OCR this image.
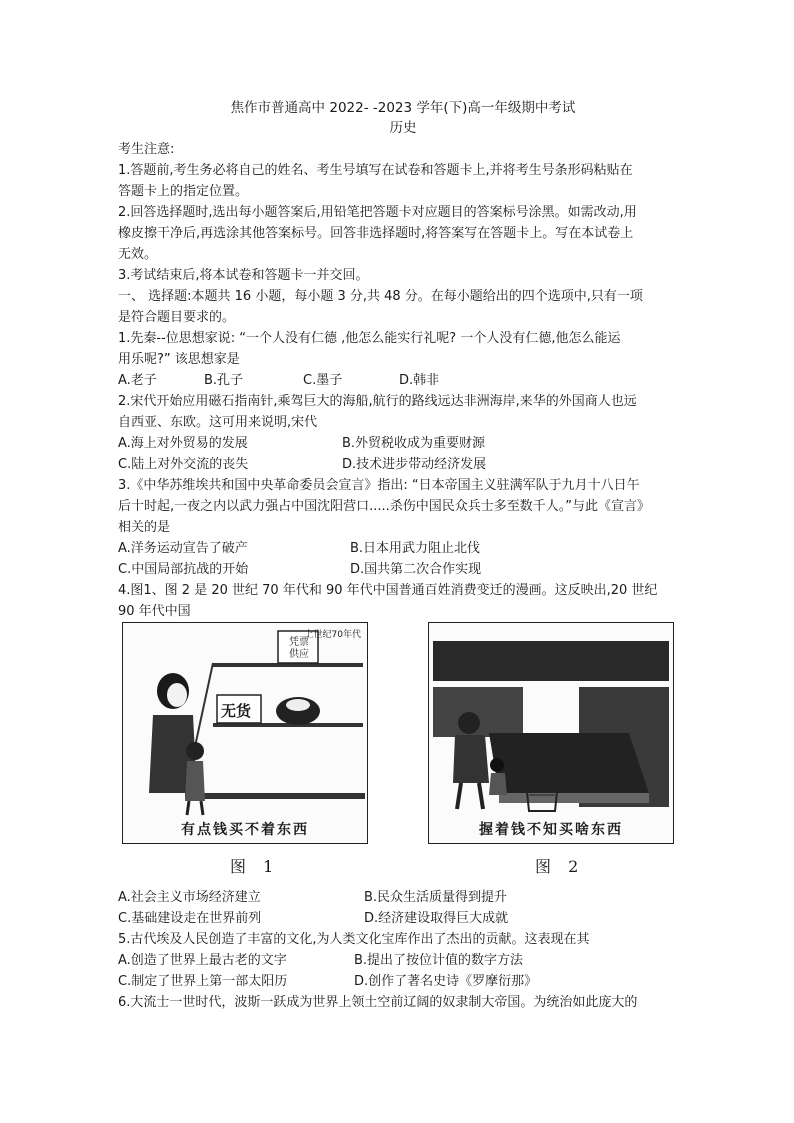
焦作市普通高中 2022- -2023 学年(下)高一年级期中考试
历史
考生注意:
1.答题前,考生务必将自己的姓名、考生号填写在试卷和答题卡上,并将考生号条形码粘贴在
答题卡上的指定位置。
2.回答选择题时,选出每小题答案后,用铅笔把答题卡对应题目的答案标号涂黑。如需改动,用
橡皮擦干净后,再选涂其他答案标号。回答非选择题时,将答案写在答题卡上。写在本试卷上
无效。
3.考试结束后,将本试卷和答题卡一并交回。
一、 选择题:本题共 16 小题，每小题 3 分,共 48 分。在每小题给出的四个选项中,只有一项
是符合题目要求的。
1.先秦--位思想家说: “一个人没有仁德 ,他怎么能实行礼呢? 一个人没有仁德,他怎么能运
用乐呢?” 该思想家是
A.老子	B.孔子	C.墨子	D.韩非
2.宋代开始应用磁石指南针,乘驾巨大的海船,航行的路线远达非洲海岸,来华的外国商人也远
自西亚、东欧。这可用来说明,宋代
A.海上对外贸易的发展	B.外贸税收成为重要财源
C.陆上对外交流的丧失	D.技术进步带动经济发展
3.《中华苏维埃共和国中央革命委员会宣言》指出: “日本帝国主义驻满军队于九月十八日午
后十时起,一夜之内以武力强占中国沈阳营口.....杀伤中国民众兵士多至数千人。”与此《宣言》
相关的是
A.洋务运动宣告了破产	B.日本用武力阻止北伐
C.中国局部抗战的开始	D.国共第二次合作实现
4.图1、图 2 是 20 世纪 70 年代和 90 年代中国普通百姓消费变迁的漫画。这反映出,20 世纪
90 年代中国
上世纪70年代
凭票
供应
无货
有点钱买不着东西
图 1
上世纪90年代
握着钱不知买啥东西
图 2
A.社会主义市场经济建立	B.民众生活质量得到提升
C.基础建设走在世界前列	D.经济建设取得巨大成就
5.古代埃及人民创造了丰富的文化,为人类文化宝库作出了杰出的贡献。这表现在其
A.创造了世界上最古老的文字	B.提出了按位计值的数字方法
C.制定了世界上第一部太阳历	D.创作了著名史诗《罗摩衍那》
6.大流士一世时代，波斯一跃成为世界上领土空前辽阔的奴隶制大帝国。为统治如此庞大的
